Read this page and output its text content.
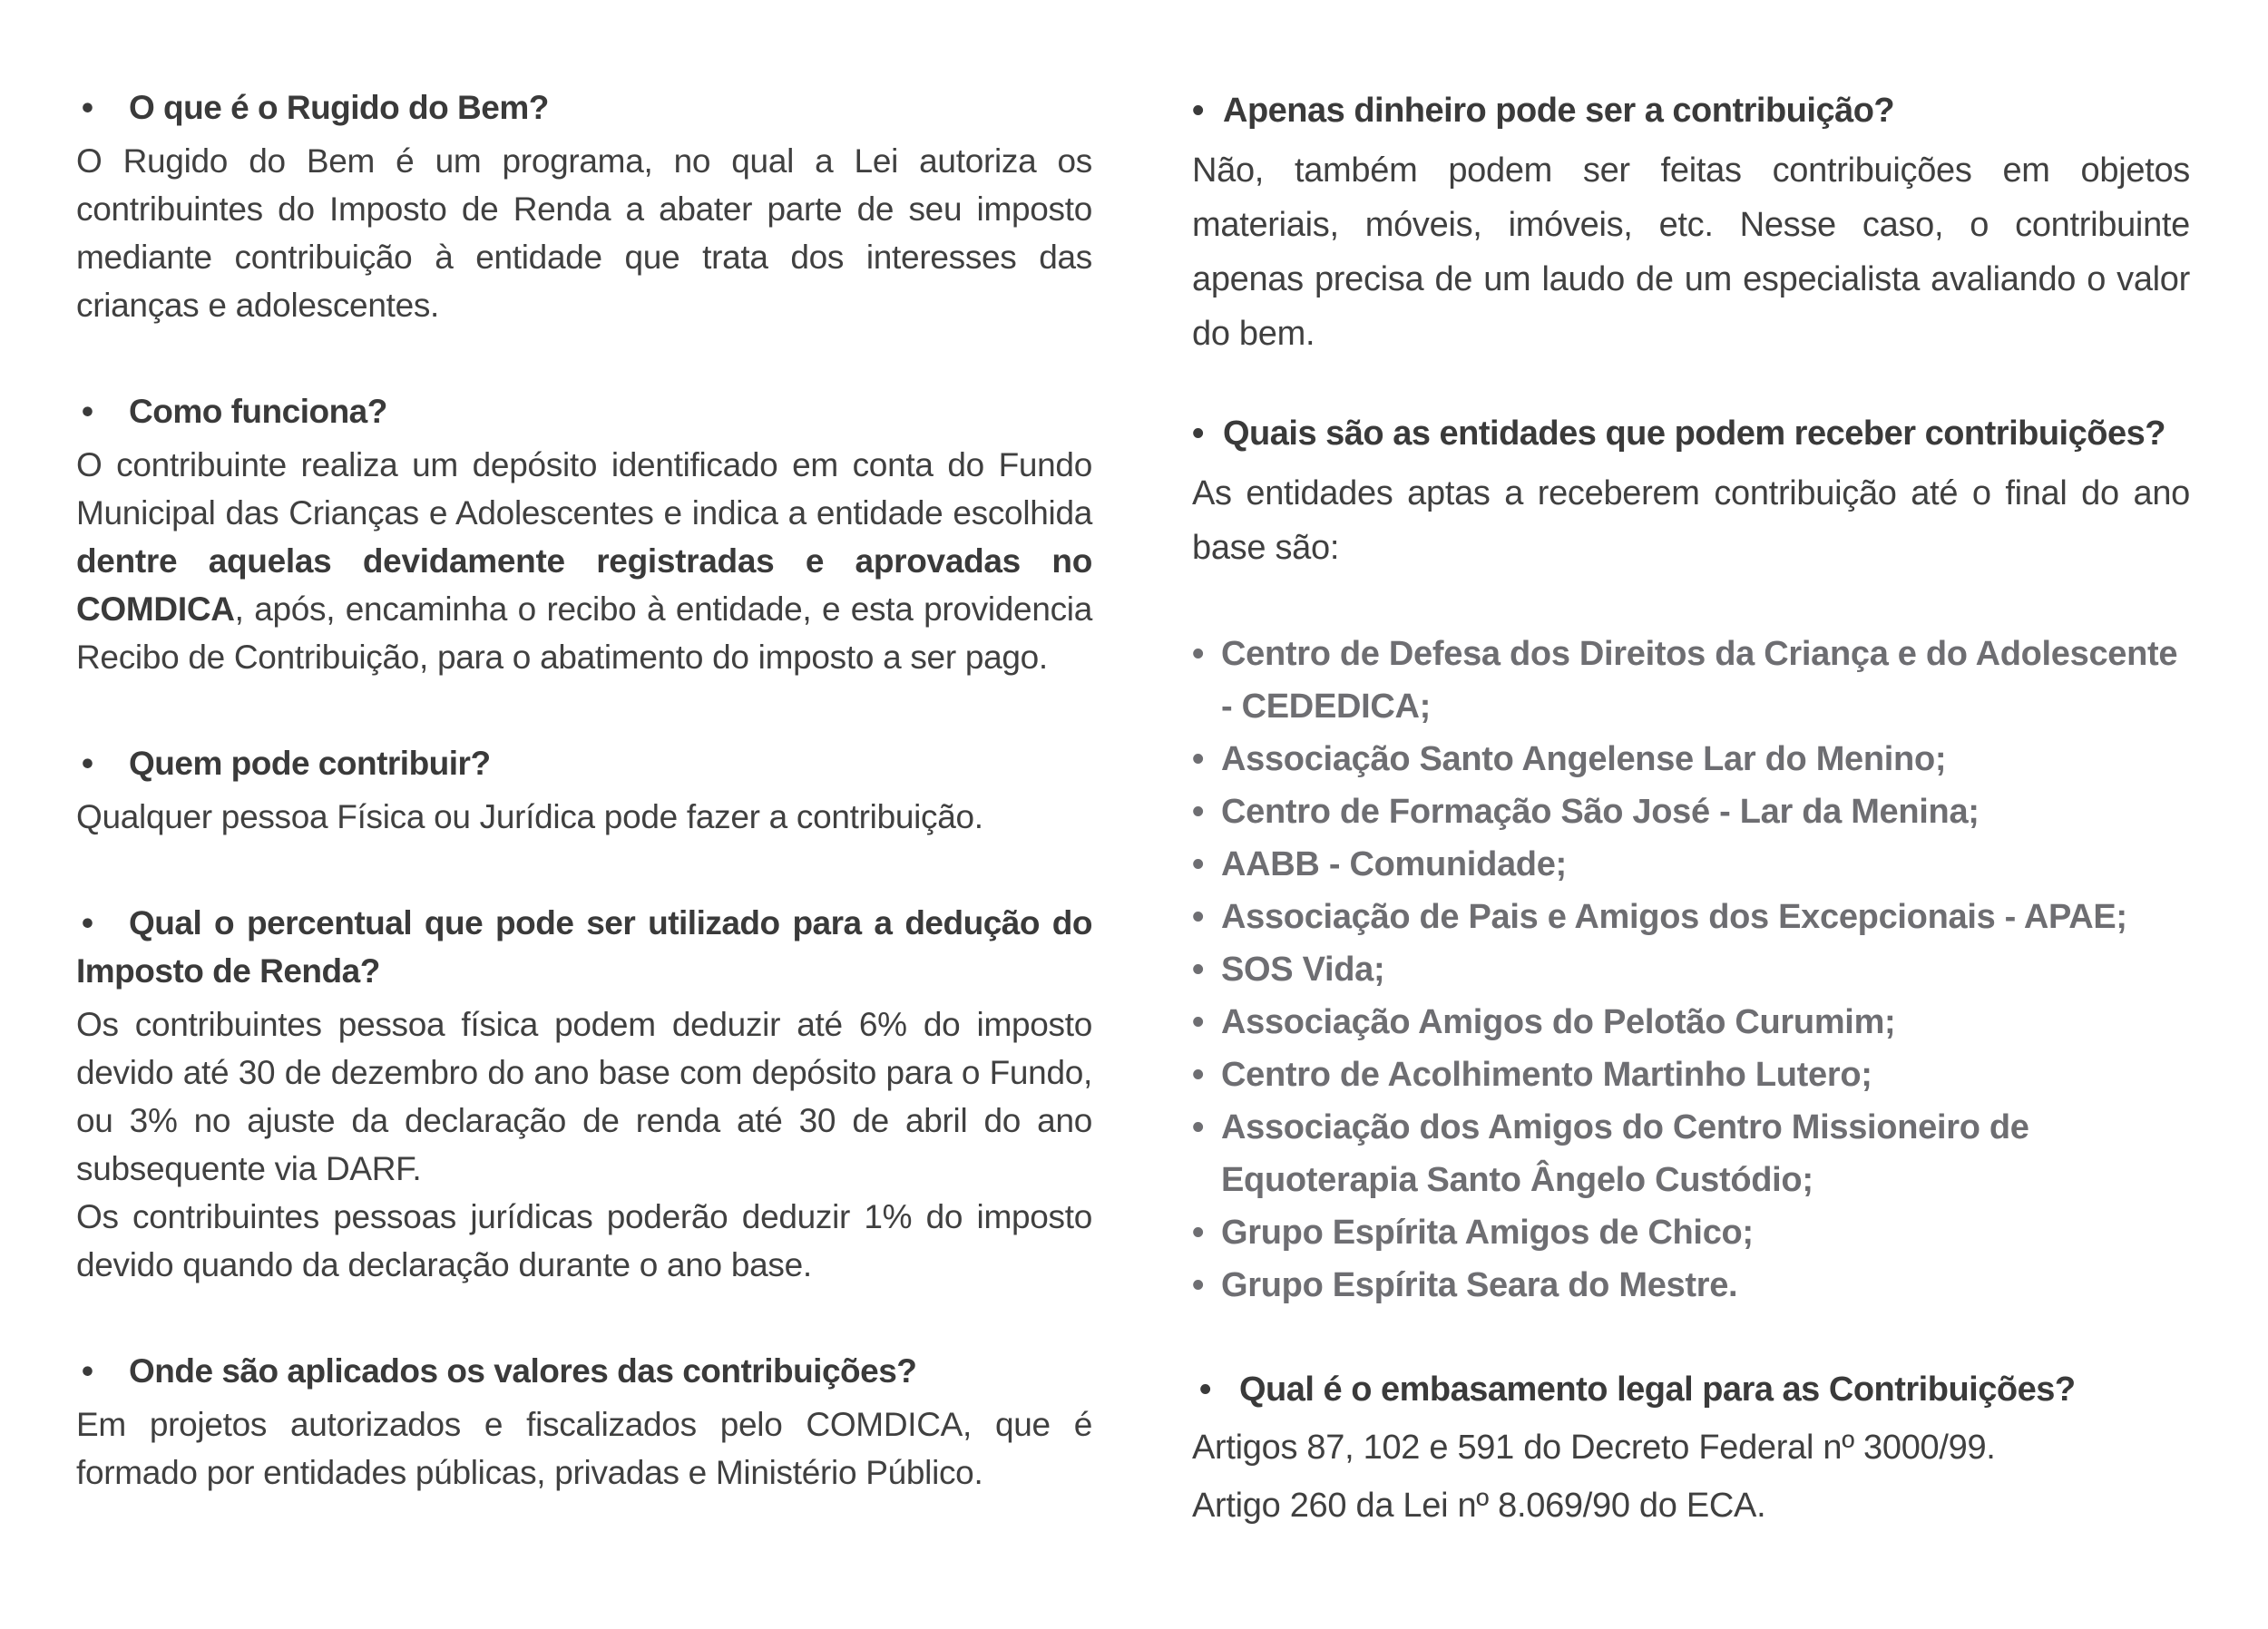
• O que é o Rugido do Bem?

O Rugido do Bem é um programa, no qual a Lei autoriza os contribuintes do Imposto de Renda a abater parte de seu imposto mediante contribuição à entidade que trata dos interesses das crianças e adolescentes.

• Como funciona?

O contribuinte realiza um depósito identificado em conta do Fundo Municipal das Crianças e Adolescentes e indica a entidade escolhida dentre aquelas devidamente registradas e aprovadas no COMDICA, após, encaminha o recibo à entidade, e esta providencia Recibo de Contribuição, para o abatimento do imposto a ser pago.

• Quem pode contribuir?

Qualquer pessoa Física ou Jurídica pode fazer a contribuição.

• Qual o percentual que pode ser utilizado para a dedução do Imposto de Renda?

Os contribuintes pessoa física podem deduzir até 6% do imposto devido até 30 de dezembro do ano base com depósito para o Fundo, ou 3% no ajuste da declaração de renda até 30 de abril do ano subsequente via DARF.

Os contribuintes pessoas jurídicas poderão deduzir 1% do imposto devido quando da declaração durante o ano base.

• Onde são aplicados os valores das contribuições?

Em projetos autorizados e fiscalizados pelo COMDICA, que é formado por entidades públicas, privadas e Ministério Público.

• Apenas dinheiro pode ser a contribuição?

Não, também podem ser feitas contribuições em objetos materiais, móveis, imóveis, etc. Nesse caso, o contribuinte apenas precisa de um laudo de um especialista avaliando o valor do bem.

• Quais são as entidades que podem receber contribuições?

As entidades aptas a receberem contribuição até o final do ano base são:

• Centro de Defesa dos Direitos da Criança e do Adolescente - CEDEDICA;
• Associação Santo Angelense Lar do Menino;
• Centro de Formação São José - Lar da Menina;
• AABB - Comunidade;
• Associação de Pais e Amigos dos Excepcionais - APAE;
• SOS Vida;
• Associação Amigos do Pelotão Curumim;
• Centro de Acolhimento Martinho Lutero;
• Associação dos Amigos do Centro Missioneiro de Equoterapia Santo Ângelo Custódio;
• Grupo Espírita Amigos de Chico;
• Grupo Espírita Seara do Mestre.
• Qual é o embasamento legal para as Contribuições?

Artigos 87, 102 e 591 do Decreto Federal nº 3000/99.

Artigo 260 da Lei nº 8.069/90 do ECA.
